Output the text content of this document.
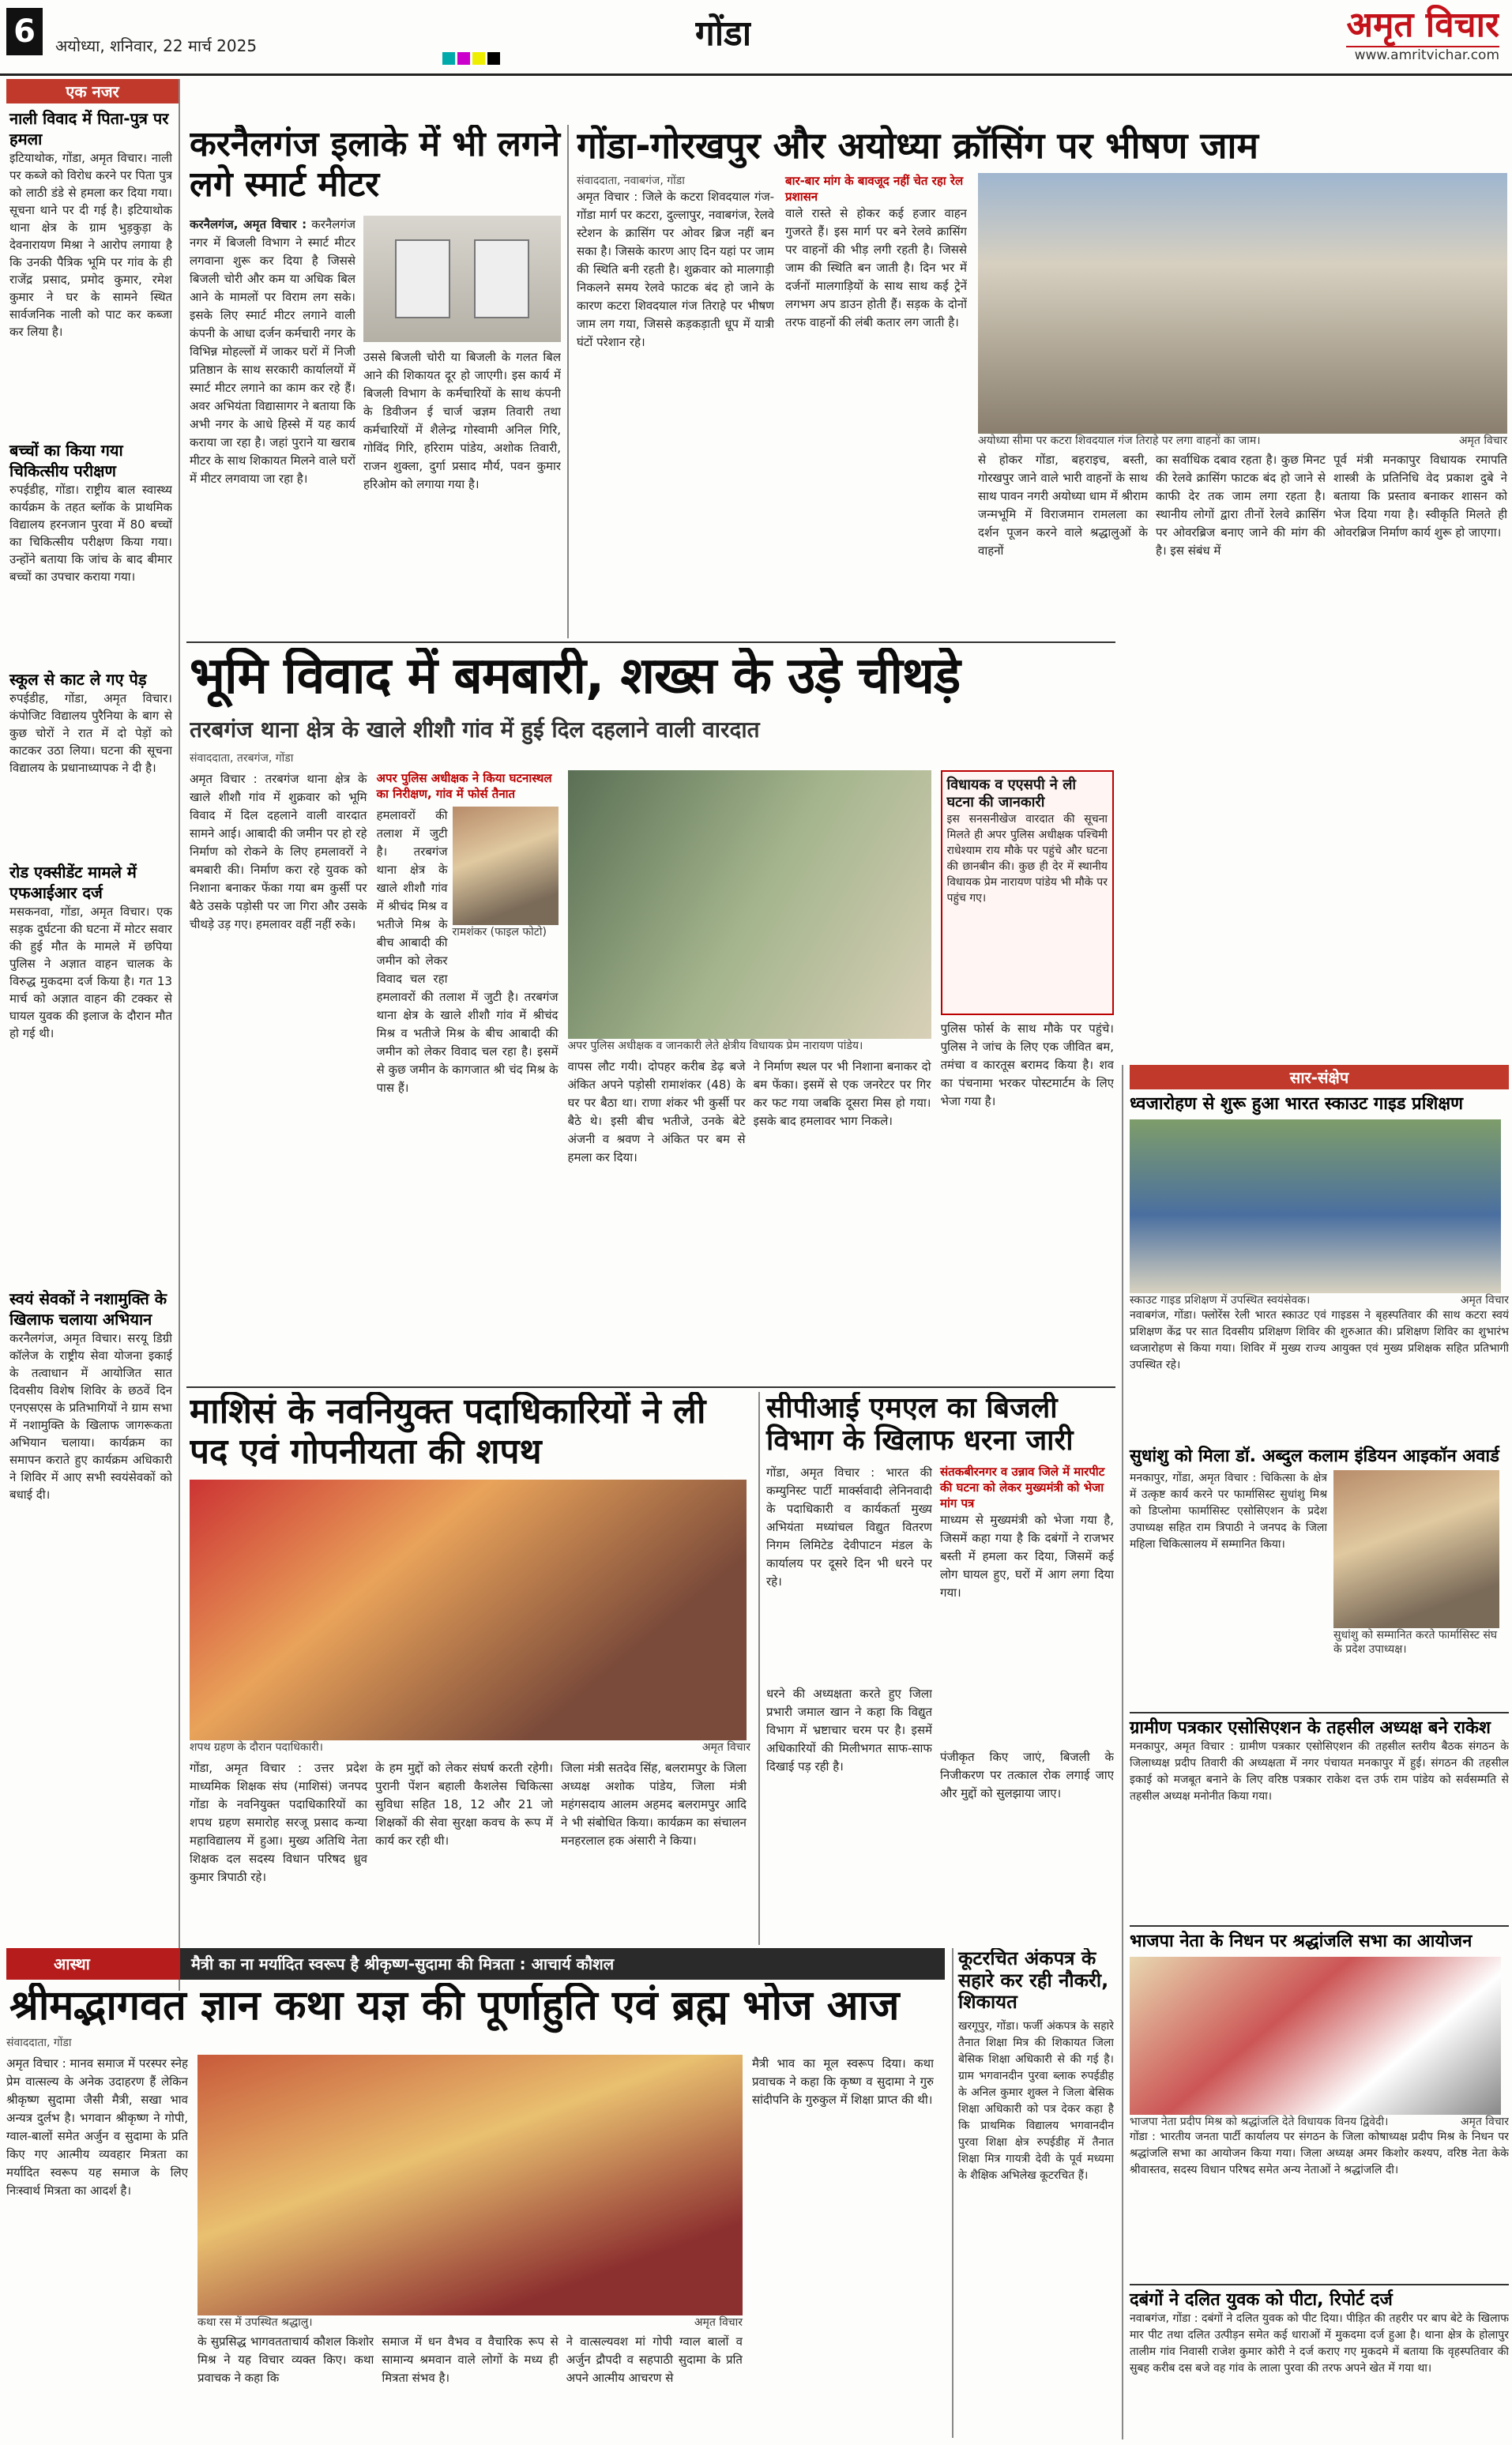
6	अयोध्या, शनिवार, 22 मार्च 2025	गोंडा	अमृत विचार
www.amritvichar.com
एक नजर
नाली विवाद में पिता-पुत्र पर हमला
इटियाथोक, गोंडा, अमृत विचार। नाली पर कब्जे को विरोध करने पर पिता पुत्र को लाठी डंडे से हमला कर दिया गया। सूचना थाने पर दी गई है। इटियाथोक थाना क्षेत्र के ग्राम भुड़कुड़ा के देवनारायण मिश्रा ने आरोप लगाया है कि उनकी पैत्रिक भूमि पर गांव के ही राजेंद्र प्रसाद, प्रमोद कुमार, रमेश कुमार ने घर के सामने स्थित सार्वजनिक नाली को पाट कर कब्जा कर लिया है।
बच्चों का किया गया चिकित्सीय परीक्षण
रुपईडीह, गोंडा। राष्ट्रीय बाल स्वास्थ्य कार्यक्रम के तहत ब्लॉक के प्राथमिक विद्यालय हरनजान पुरवा में 80 बच्चों का चिकित्सीय परीक्षण किया गया। उन्होंने बताया कि जांच के बाद बीमार बच्चों का उपचार कराया गया।
स्कूल से काट ले गए पेड़
रुपईडीह, गोंडा, अमृत विचार। कंपोजिट विद्यालय पुरैनिया के बाग से कुछ चोरों ने रात में दो पेड़ों को काटकर उठा लिया। घटना की सूचना विद्यालय के प्रधानाध्यापक ने दी है।
रोड एक्सीडेंट मामले में एफआईआर दर्ज
मसकनवा, गोंडा, अमृत विचार। एक सड़क दुर्घटना की घटना में मोटर सवार की हुई मौत के मामले में छपिया पुलिस ने अज्ञात वाहन चालक के विरुद्ध मुकदमा दर्ज किया है। गत 13 मार्च को अज्ञात वाहन की टक्कर से घायल युवक की इलाज के दौरान मौत हो गई थी।
स्वयं सेवकों ने नशामुक्ति के खिलाफ चलाया अभियान
करनैलगंज, अमृत विचार। सरयू डिग्री कॉलेज के राष्ट्रीय सेवा योजना इकाई के तत्वाधान में आयोजित सात दिवसीय विशेष शिविर के छठवें दिन एनएसएस के प्रतिभागियों ने ग्राम सभा में नशामुक्ति के खिलाफ जागरूकता अभियान चलाया। कार्यक्रम का समापन कराते हुए कार्यक्रम अधिकारी ने शिविर में आए सभी स्वयंसेवकों को बधाई दी।
करनैलगंज इलाके में भी लगने लगे स्मार्ट मीटर
करनैलगंज, अमृत विचार : करनैलगंज नगर में बिजली विभाग ने स्मार्ट मीटर लगवाना शुरू कर दिया है जिससे बिजली चोरी और कम या अधिक बिल आने के मामलों पर विराम लग सके। इसके लिए स्मार्ट मीटर लगाने वाली कंपनी के आधा दर्जन कर्मचारी नगर के विभिन्न मोहल्लों में जाकर घरों में निजी प्रतिष्ठान के साथ सरकारी कार्यालयों में स्मार्ट मीटर लगाने का काम कर रहे हैं। अवर अभियंता विद्यासागर ने बताया कि अभी नगर के आधे हिस्से में यह कार्य कराया जा रहा है। जहां पुराने या खराब मीटर के साथ शिकायत मिलने वाले घरों में मीटर लगवाया जा रहा है।
उससे बिजली चोरी या बिजली के गलत बिल आने की शिकायत दूर हो जाएगी। इस कार्य में बिजली विभाग के कर्मचारियों के साथ कंपनी के डिवीजन ई चार्ज ज्रज्ञम तिवारी तथा कर्मचारियों में शैलेन्द्र गोस्वामी अनिल गिरि, गोविंद गिरि, हरिराम पांडेय, अशोक तिवारी, राजन शुक्ला, दुर्गा प्रसाद मौर्य, पवन कुमार हरिओम को लगाया गया है।
गोंडा-गोरखपुर और अयोध्या क्रॉसिंग पर भीषण जाम
संवाददाता, नवाबगंज, गोंडा
अमृत विचार : जिले के कटरा शिवदयाल गंज-गोंडा मार्ग पर कटरा, दुल्लापुर, नवाबगंज, रेलवे स्टेशन के क्रासिंग पर ओवर ब्रिज नहीं बन सका है। जिसके कारण आए दिन यहां पर जाम की स्थिति बनी रहती है। शुक्रवार को मालगाड़ी निकलने समय रेलवे फाटक बंद हो जाने के कारण कटरा शिवदयाल गंज तिराहे पर भीषण जाम लग गया, जिससे कड़कड़ाती धूप में यात्री घंटों परेशान रहे।
बार-बार मांग के बावजूद नहीं चेत रहा रेल प्रशासन
वाले रास्ते से होकर कई हजार वाहन गुजरते हैं। इस मार्ग पर बने रेलवे क्रासिंग पर वाहनों की भीड़ लगी रहती है। जिससे जाम की स्थिति बन जाती है। दिन भर में दर्जनों मालगाड़ियों के साथ साथ कई ट्रेनें लगभग अप डाउन होती हैं। सड़क के दोनों तरफ वाहनों की लंबी कतार लग जाती है।
अयोध्या सीमा पर कटरा शिवदयाल गंज तिराहे पर लगा वाहनों का जाम।	अमृत विचार
से होकर गोंडा, बहराइच, बस्ती, गोरखपुर‌ जाने वाले भारी वाहनों के साथ साथ पावन नगरी अयोध्या धाम में श्रीराम जन्मभूमि में विराजमान रामलला का दर्शन पूजन करने वाले श्रद्धालुओं के वाहनों
का सर्वाधिक दबाव रहता है। कुछ मिनट की रेलवे क्रासिंग फाटक बंद हो जाने से काफी देर तक जाम लगा रहता है। स्थानीय लोगों द्वारा तीनों रेलवे क्रासिंग पर ओवरब्रिज बनाए जाने की मांग की है। इस संबंध में
पूर्व मंत्री मनकापुर विधायक रमापति शास्त्री के प्रतिनिधि वेद प्रकाश दुबे ने बताया कि प्रस्ताव बनाकर शासन को भेज दिया गया है। स्वीकृति मिलते ही ओवरब्रिज निर्माण कार्य शुरू हो जाएगा।
भूमि विवाद में बमबारी, शख्स के उड़े चीथड़े
तरबगंज थाना क्षेत्र के खाले शीशौ गांव में हुई दिल दहलाने वाली वारदात
संवाददाता, तरबगंज, गोंडा
अमृत विचार : तरबगंज थाना क्षेत्र के खाले शीशौ गांव में शुक्रवार को भूमि विवाद में दिल दहलाने वाली वारदात सामने आई। आबादी की जमीन पर हो रहे निर्माण को रोकने के लिए हमलावरों ने बमबारी की। निर्माण करा रहे युवक को निशाना बनाकर फेंका गया बम कुर्सी पर बैठे उसके पड़ोसी पर जा गिरा और उसके चीथड़े उड़ गए। हमलावर वहीं नहीं रुके।
अपर पुलिस अधीक्षक ने किया घटनास्थल का निरीक्षण, गांव में फोर्स तैनात
हमलावरों की तलाश में जुटी है। तरबगंज थाना क्षेत्र के खाले शीशौ गांव में श्रीचंद मिश्र व भतीजे मिश्र के बीच आबादी की जमीन को लेकर विवाद चल रहा
रामशंकर (फाइल फोटो)
हमलावरों की तलाश में जुटी है। तरबगंज थाना क्षेत्र के खाले शीशौ गांव में श्रीचंद मिश्र व भतीजे मिश्र के बीच आबादी की जमीन को लेकर विवाद चल रहा है। इसमें से कुछ जमीन के कागजात श्री चंद मिश्र के पास हैं।
अपर पुलिस अधीक्षक व जानकारी लेते क्षेत्रीय विधायक प्रेम नारायण पांडेय।
वापस लौट गयी। दोपहर करीब डेढ़ बजे अंकित अपने पड़ोसी रामाशंकर (48) के घर पर बैठा था। राणा शंकर भी कुर्सी पर बैठे थे। इसी बीच भतीजे, उनके बेटे अंजनी व श्रवण ने अंकित पर बम से हमला कर दिया।
ने निर्माण स्थल पर भी निशाना बनाकर दो बम फेंका। इसमें से एक जनरेटर पर गिर कर फट गया जबकि दूसरा मिस हो गया। इसके बाद हमलावर भाग निकले।
विधायक व एएसपी ने ली घटना की जानकारी
इस सनसनीखेज वारदात की सूचना मिलते ही अपर पुलिस अधीक्षक पश्चिमी राधेश्याम राय मौके पर पहुंचे और घटना की छानबीन की। कुछ ही देर में स्थानीय विधायक प्रेम नारायण पांडेय भी मौके पर पहुंच गए।
पुलिस फोर्स के साथ मौके पर पहुंचे। पुलिस ने जांच के लिए एक जीवित बम, तमंचा व कारतूस बरामद किया है। शव का पंचनामा भरकर पोस्टमार्टम के लिए भेजा गया है।
माशिसं के नवनियुक्त पदाधिकारियों ने ली पद एवं गोपनीयता की शपथ
शपथ ग्रहण के दौरान पदाधिकारी।	अमृत विचार
गोंडा, अमृत विचार : उत्तर प्रदेश माध्यमिक शिक्षक संघ (माशिसं) जनपद गोंडा के नवनियुक्त पदाधिकारियों का शपथ ग्रहण समारोह सरजू प्रसाद कन्या महाविद्यालय में हुआ। मुख्य अतिथि नेता शिक्षक दल सदस्य विधान परिषद ध्रुव कुमार त्रिपाठी रहे।
के हम मुद्दों को लेकर संघर्ष करती रहेगी। पुरानी पेंशन बहाली कैशलेस चिकित्सा सुविधा सहित 18, 12 और 21 जो शिक्षकों की सेवा सुरक्षा कवच के रूप में कार्य कर रही थी।
जिला मंत्री सतदेव सिंह, बलरामपुर के जिला अध्यक्ष अशोक पांडेय, जिला मंत्री महंगसदाय आलम अहमद बलरामपुर आदि ने भी संबोधित किया। कार्यक्रम का संचालन मनहरलाल हक अंसारी ने किया।
सीपीआई एमएल का बिजली विभाग के खिलाफ धरना जारी
गोंडा, अमृत विचार : भारत की कम्युनिस्ट पार्टी मार्क्सवादी लेनिनवादी के पदाधिकारी व कार्यकर्ता मुख्य अभियंता मध्यांचल विद्युत वितरण निगम लिमिटेड देवीपाटन मंडल के कार्यालय पर दूसरे दिन भी धरने पर रहे।
धरने की अध्यक्षता करते हुए जिला प्रभारी जमाल खान ने कहा कि विद्युत विभाग में भ्रष्टाचार चरम पर है। इसमें अधिकारियों की मिलीभगत साफ-साफ दिखाई पड़ रही है।
संतकबीरनगर व उन्नाव जिले में मारपीट की घटना को लेकर मुख्यमंत्री को भेजा मांग पत्र
माध्यम से मुख्यमंत्री को भेजा गया है, जिसमें कहा गया है कि दबंगों ने राजभर बस्ती में हमला कर दिया, जिसमें कई लोग घायल हुए, घरों में आग लगा दिया गया।
पंजीकृत किए जाएं, बिजली के निजीकरण पर तत्काल रोक लगाई जाए और मुद्दों को सुलझाया जाए।
आस्था	मैत्री का ना मर्यादित स्वरूप है श्रीकृष्ण-सुदामा की मित्रता : आचार्य कौशल
श्रीमद्भागवत ज्ञान कथा यज्ञ की पूर्णाहुति एवं ब्रह्म भोज आज
संवाददाता, गोंडा
अमृत विचार : मानव समाज में परस्पर स्नेह प्रेम वात्सल्य के अनेक उदाहरण हैं लेकिन श्रीकृष्ण सुदामा जैसी मैत्री, सखा भाव अन्यत्र दुर्लभ है। भगवान श्रीकृष्ण ने गोपी, ग्वाल-बालों समेत अर्जुन व सुदामा के प्रति किए गए आत्मीय व्यवहार मित्रता का मर्यादित स्वरूप यह समाज के लिए निःस्वार्थ मित्रता का आदर्श है।
कथा रस में उपस्थित श्रद्धालु।	अमृत विचार
के सुप्रसिद्ध भागवतताचार्य कौशल किशोर मिश्र ने यह विचार व्यक्त किए। कथा प्रवाचक ने कहा कि
समाज में धन वैभव व वैचारिक रूप से सामान्य श्रमवान वाले लोगों के मध्य ही मित्रता संभव है।
ने वात्सल्यवश मां गोपी ग्वाल बालों व अर्जुन द्रौपदी व सहपाठी सुदामा के प्रति अपने आत्मीय आचरण से
मैत्री भाव का मूल स्वरूप दिया। कथा प्रवाचक ने कहा कि कृष्ण व सुदामा ने गुरु सांदीपनि के गुरुकुल में शिक्षा प्राप्त की थी।
कूटरचित अंकपत्र के सहारे कर रही नौकरी, शिकायत
खरगूपुर, गोंडा। फर्जी अंकपत्र के सहारे तैनात शिक्षा मित्र की शिकायत जिला बेसिक शिक्षा अधिकारी से की गई है। ग्राम भगवानदीन पुरवा ब्लाक रुपईडीह के अनिल कुमार शुक्ल ने जिला बेसिक शिक्षा अधिकारी को पत्र देकर कहा है कि प्राथमिक विद्यालय भगवानदीन पुरवा शिक्षा क्षेत्र रुपईडीह में तैनात शिक्षा मित्र गायत्री देवी के पूर्व मध्यमा के शैक्षिक अभिलेख कूटरचित हैं।
सार-संक्षेप
ध्वजारोहण से शुरू हुआ भारत स्काउट गाइड प्रशिक्षण
स्काउट गाइड प्रशिक्षण में उपस्थित स्वयंसेवक।	अमृत विचार
नवाबगंज, गोंडा। फ्लोरेंस रेली भारत स्काउट एवं गाइडस ने बृहस्पतिवार की साथ कटरा स्वयं प्रशिक्षण केंद्र पर सात दिवसीय प्रशिक्षण शिविर की शुरुआत की। प्रशिक्षण शिविर का शुभारंभ ध्वजारोहण से किया गया। शिविर में मुख्य राज्य आयुक्त एवं मुख्य प्रशिक्षक सहित प्रतिभागी उपस्थित रहे।
सुधांशु को मिला डॉ. अब्दुल कलाम इंडियन आइकॉन अवार्ड
मनकापुर, गोंडा, अमृत विचार : चिकित्सा के क्षेत्र में उत्कृष्ट कार्य करने पर फार्मासिस्ट सुधांशु मिश्र को डिप्लोमा फार्मासिस्ट एसोसिएशन के प्रदेश उपाध्यक्ष सहित राम त्रिपाठी ने जनपद के जिला महिला चिकित्सालय में सम्मानित किया।
सुधांशु को सम्मानित करते फार्मासिस्ट संघ के प्रदेश उपाध्यक्ष।
ग्रामीण पत्रकार एसोसिएशन के तहसील अध्यक्ष बने राकेश
मनकापुर, अमृत विचार : ग्रामीण पत्रकार एसोसिएशन की तहसील स्तरीय बैठक संगठन के जिलाध्यक्ष प्रदीप तिवारी की अध्यक्षता में नगर पंचायत मनकापुर में हुई। संगठन की तहसील इकाई को मजबूत बनाने के लिए वरिष्ठ पत्रकार राकेश दत्त उर्फ राम पांडेय को सर्वसम्मति से तहसील अध्यक्ष मनोनीत किया गया।
भाजपा नेता के निधन पर श्रद्धांजलि सभा का आयोजन
भाजपा नेता प्रदीप मिश्र को श्रद्धांजलि देते विधायक विनय द्विवेदी।	अमृत विचार
गोंडा : भारतीय जनता पार्टी कार्यालय पर संगठन के जिला कोषाध्यक्ष प्रदीप मिश्र के निधन पर श्रद्धांजलि सभा का आयोजन किया गया। जिला अध्यक्ष अमर किशोर कश्यप, वरिष्ठ नेता केके श्रीवास्तव, सदस्य विधान परिषद समेत अन्य नेताओं ने श्रद्धांजलि दी।
दबंगों ने दलित युवक को पीटा, रिपोर्ट दर्ज
नवाबगंज, गोंडा : दबंगों ने दलित युवक को पीट दिया। पीड़ित की तहरीर पर बाप बेटे के खिलाफ मार पीट तथा दलित उत्पीड़न समेत कई धाराओं में मुकदमा दर्ज हुआ है। थाना क्षेत्र के होलापुर तालीम गांव निवासी राजेश कुमार कोरी ने दर्ज कराए गए मुकदमे में बताया कि वृहस्पतिवार की सुबह करीब दस बजे वह गांव के लाला पुरवा की तरफ अपने खेत में गया था।
